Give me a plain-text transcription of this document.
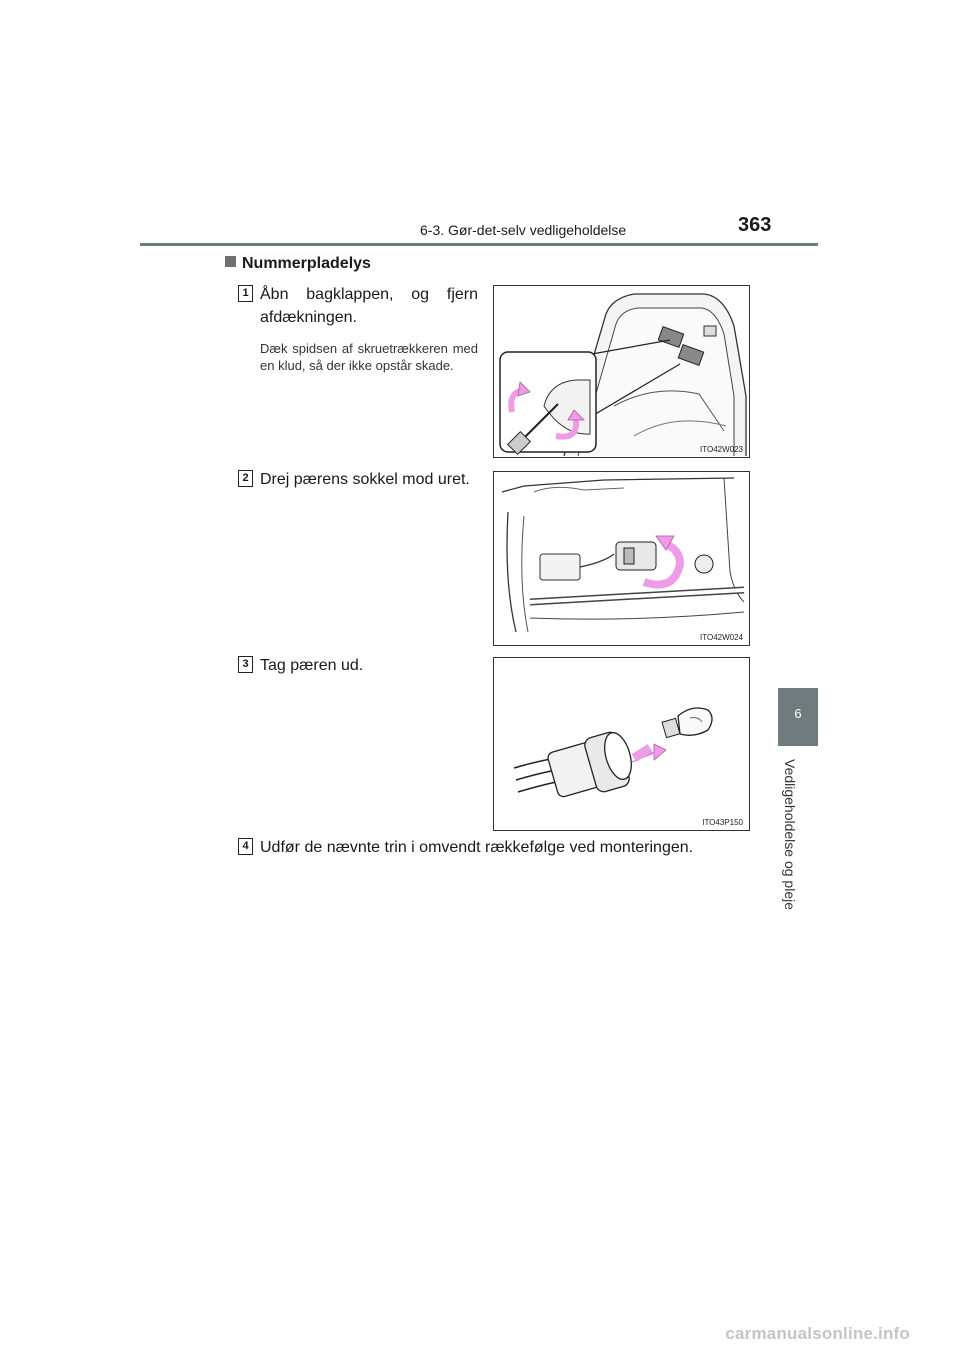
6-3. Gør-det-selv vedligeholdelse	363
6
Vedligeholdelse og pleje
Nummerpladelys
1 Åbn bagklappen, og fjern afdækningen.
Dæk spidsen af skruetrækkeren med en klud, så der ikke opstår skade.
ITO42W023
2 Drej pærens sokkel mod uret.
ITO42W024
3 Tag pæren ud.
ITO43P150
4 Udfør de nævnte trin i omvendt rækkefølge ved monteringen.
carmanualsonline.info
